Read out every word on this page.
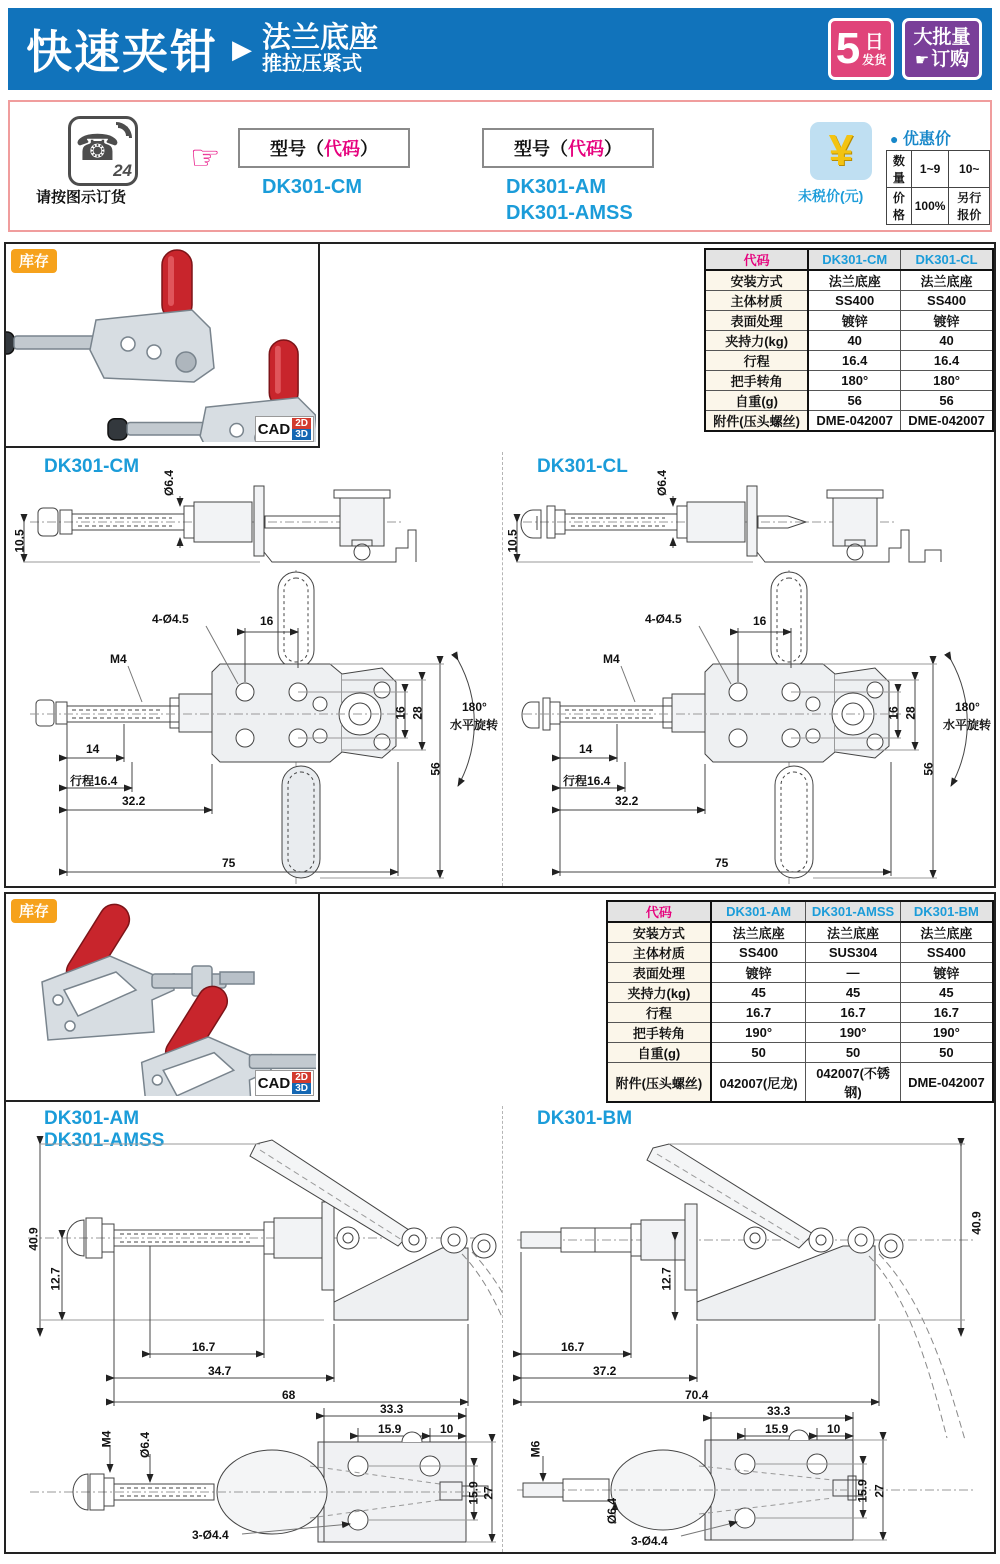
快速夹钳 ▶ 法兰底座
推拉压紧式	5 日
发货
大批量
☛ 订购
☎
24
请按图示订货
☞	型号（ 代码 ）
DK301-CM
型号（ 代码 ）
DK301-AM
DK301-AMSS
¥
未税价(元)
● 优惠价
数量	1~9	10~
价格	100%	另行报价
库存
CAD 2D
3D
代码	DK301-CM	DK301-CL
安装方式	法兰底座	法兰底座
主体材质	SS400	SS400
表面处理	镀锌	镀锌
夹持力(kg)	40	40
行程	16.4	16.4
把手转角	180°	180°
自重(g)	56	56
附件(压头螺丝)	DME-042007	DME-042007
DK301-CM
Ø6.4
10.5
4-Ø4.5	16
M4
14
行程16.4
32.2
75
16 28
56
180°
水平旋转
DK301-CL
Ø6.4
10.5
4-Ø4.5	16
M4
14
行程16.4
32.2
75
16 28
56
180°
水平旋转
库存
CAD 2D
3D
代码	DK301-AM	DK301-AMSS	DK301-BM
安装方式	法兰底座	法兰底座	法兰底座
主体材质	SS400	SUS304	SS400
表面处理	镀锌	—	镀锌
夹持力(kg)	45	45	45
行程	16.7	16.7	16.7
把手转角	190°	190°	190°
自重(g)	50	50	50
附件(压头螺丝)	042007(尼龙)	042007(不锈钢)	DME-042007
DK301-AM
DK301-AMSS
40.9
12.7
16.7
34.7
68
33.3
15.9	10
M4 Ø6.4
3-Ø4.4
15.9 27
DK301-BM
40.9
12.7
16.7
37.2
70.4
33.3
15.9	10
M6
Ø6.4
3-Ø4.4
15.9 27
